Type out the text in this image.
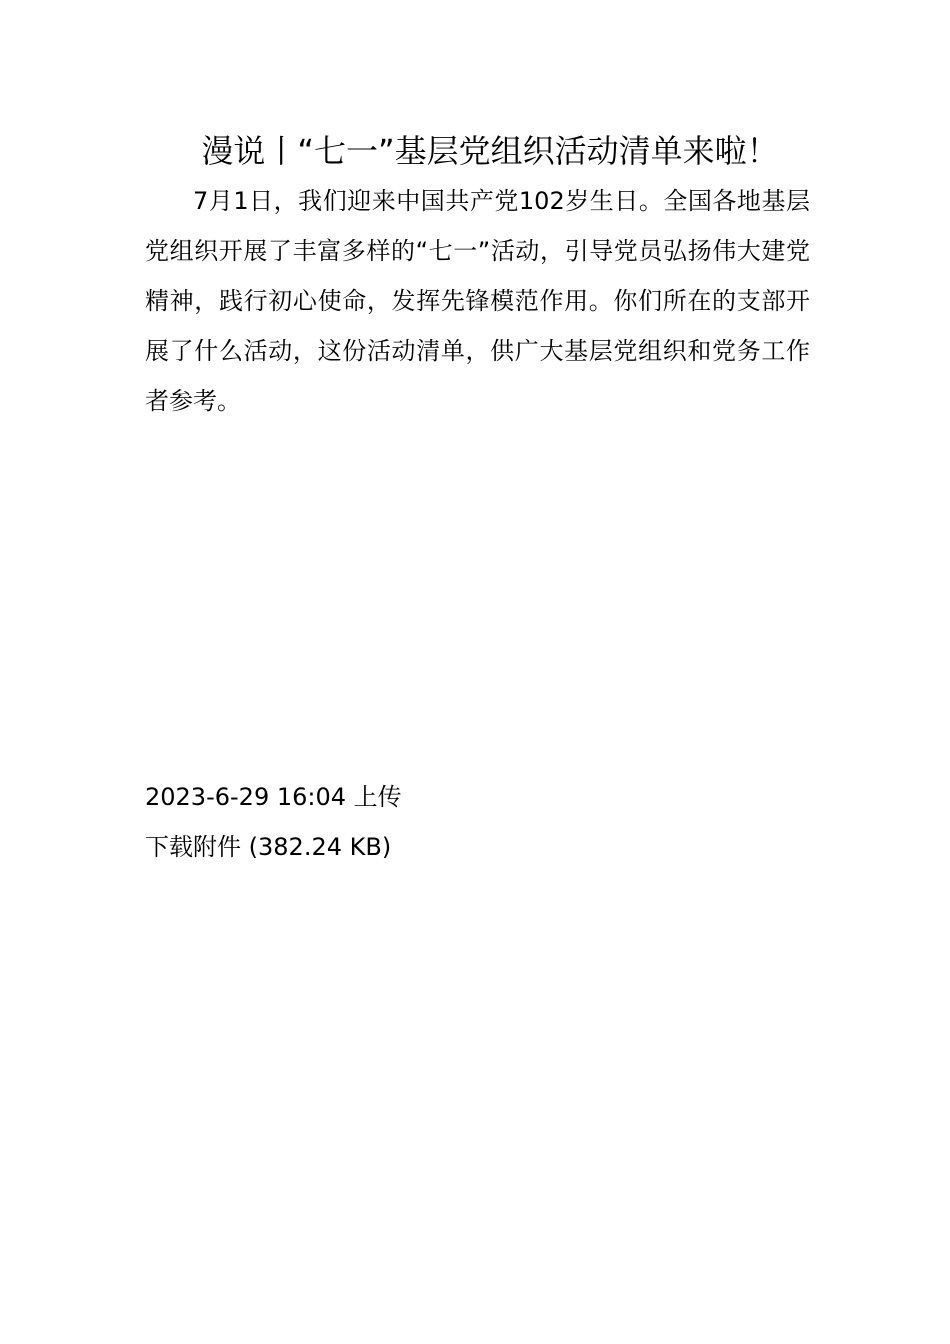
漫说丨“七一”基层党组织活动清单来啦！
7月1日，我们迎来中国共产党102岁生日。全国各地基层党组织开展了丰富多样的“七一”活动，引导党员弘扬伟大建党精神，践行初心使命，发挥先锋模范作用。你们所在的支部开展了什么活动，这份活动清单，供广大基层党组织和党务工作者参考。
2023-6-29 16:04 上传
下载附件 (382.24 KB)
